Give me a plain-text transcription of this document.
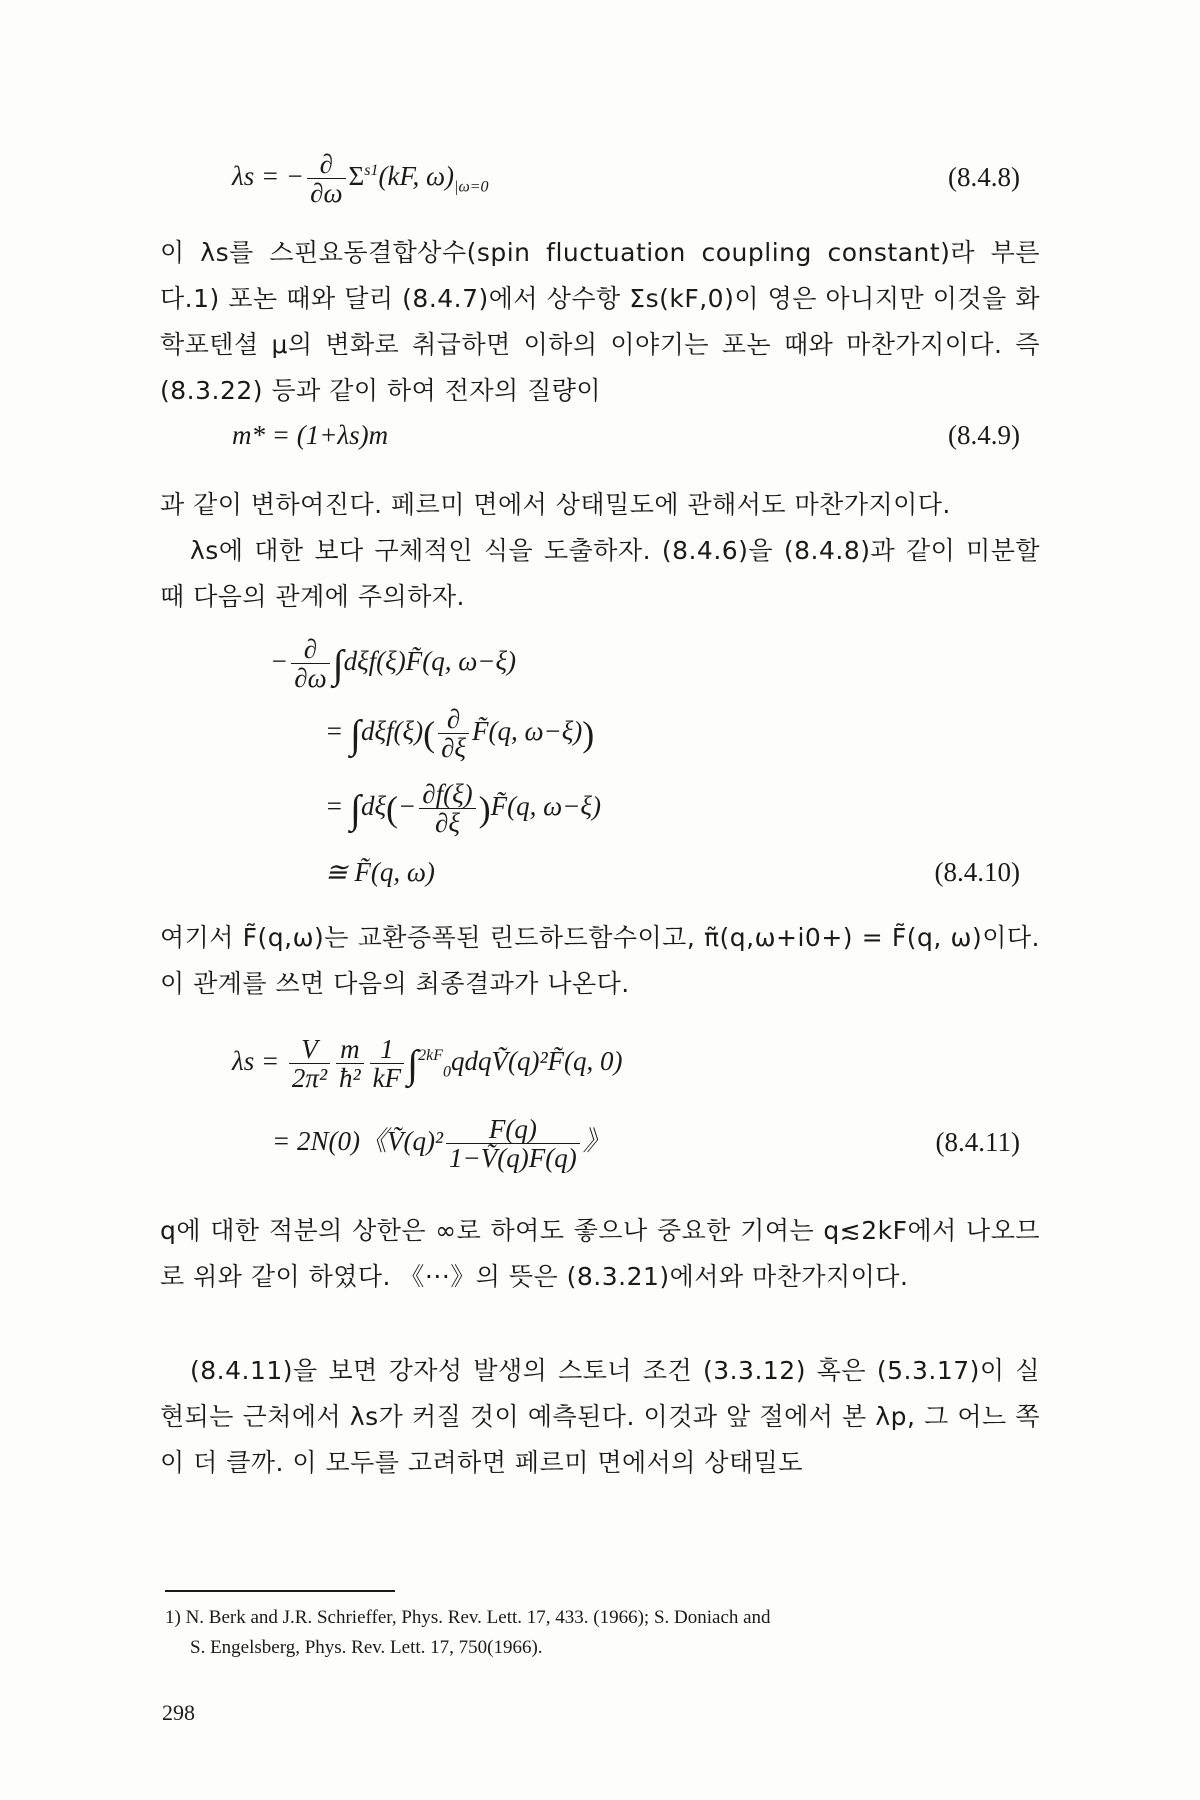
λs = − $\frac{\partial}{\partial\omega} \Sigma^{s1}(kF$, $\omega)_{|\omega=0}$	(8.4.8)
이 λs를 스핀요동결합상수(spin fluctuation coupling constant)라 부른다.1) 포논 때와 달리 (8.4.7)에서 상수항 Σs(kF,0)이 영은 아니지만 이것을 화학포텐셜 μ의 변화로 취급하면 이하의 이야기는 포논 때와 마찬가지이다. 즉 (8.3.22) 등과 같이 하여 전자의 질량이
m* = (1+λs)m	(8.4.9)
과 같이 변하여진다. 페르미 면에서 상태밀도에 관해서도 마찬가지이다.
λs에 대한 보다 구체적인 식을 도출하자. (8.4.6)을 (8.4.8)과 같이 미분할 때 다음의 관계에 주의하자.
− $\frac{\partial}{\partial\omega}$ ∫dξf(ξ)F̃(q, ω−ξ)
= $\int d\xi f(\xi)( \frac{\partial}{\partial\xi}$ F̃(q, ω−ξ))
= $\int d\xi(- \frac{\partial f(\xi)}{\partial\xi}$ )F̃(q, ω−ξ)
≅ F̃(q, ω)	(8.4.10)
여기서 F̃(q,ω)는 교환증폭된 린드하드함수이고, π̃(q,ω+i0+) = F̃(q, ω)이다. 이 관계를 쓰면 다음의 최종결과가 나온다.
$\lambda s = \frac{V}{\text{2π²}} \frac{m}{\text{ħ²}} \frac{1}{kF}$ ∫$^{2kF}_0$qdqṼ(q)²F̃(q, 0)
= 2N(0)《Ṽ(q)² $\frac{F(q)}{\text{1−Ṽ(q)F(q)}}$ 》	(8.4.11)
q에 대한 적분의 상한은 ∞로 하여도 좋으나 중요한 기여는 q≲2kF에서 나오므로 위와 같이 하였다. 《···》의 뜻은 (8.3.21)에서와 마찬가지이다.
(8.4.11)을 보면 강자성 발생의 스토너 조건 (3.3.12) 혹은 (5.3.17)이 실현되는 근처에서 λs가 커질 것이 예측된다. 이것과 앞 절에서 본 λp, 그 어느 쪽이 더 클까. 이 모두를 고려하면 페르미 면에서의 상태밀도
1) N. Berk and J.R. Schrieffer, Phys. Rev. Lett. 17, 433. (1966); S. Doniach and
S. Engelsberg, Phys. Rev. Lett. 17, 750(1966).
298
